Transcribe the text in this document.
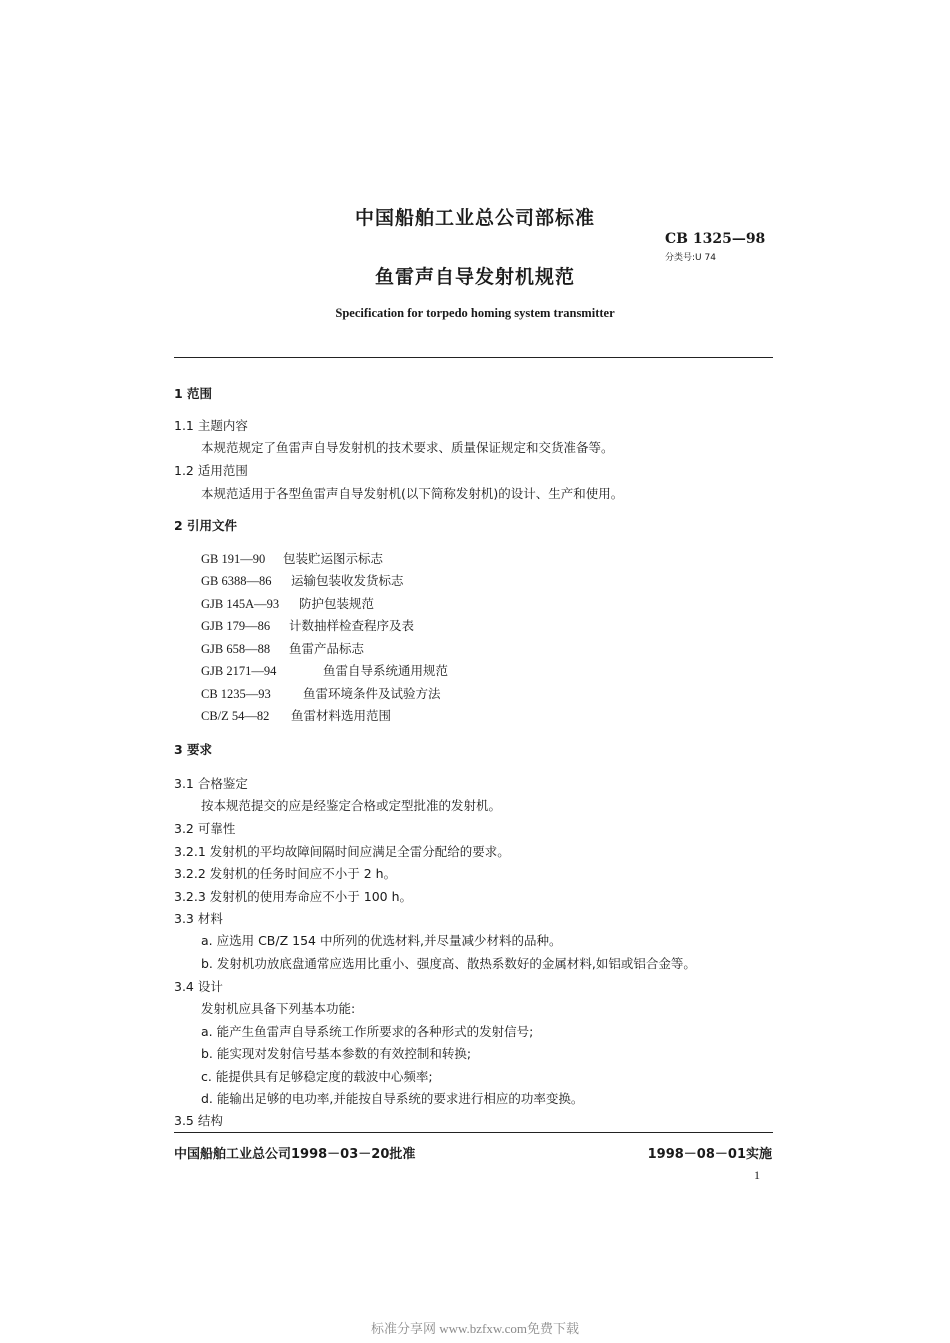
中国船舶工业总公司部标准
CB 1325—98
分类号:U 74
鱼雷声自导发射机规范
Specification for torpedo homing system transmitter
1 范围
1.1 主题内容
本规范规定了鱼雷声自导发射机的技术要求、质量保证规定和交货准备等。
1.2 适用范围
本规范适用于各型鱼雷声自导发射机(以下简称发射机)的设计、生产和使用。
2 引用文件
GB 191—90 包装贮运图示标志
GB 6388—86 运输包装收发货标志
GJB 145A—93 防护包装规范
GJB 179—86 计数抽样检查程序及表
GJB 658—88 鱼雷产品标志
GJB 2171—94	鱼雷自导系统通用规范
CB 1235—93	鱼雷环境条件及试验方法
CB/Z 54—82 鱼雷材料选用范围
3 要求
3.1 合格鉴定
按本规范提交的应是经鉴定合格或定型批准的发射机。
3.2 可靠性
3.2.1 发射机的平均故障间隔时间应满足全雷分配给的要求。
3.2.2 发射机的任务时间应不小于 2 h。
3.2.3 发射机的使用寿命应不小于 100 h。
3.3 材料
a. 应选用 CB/Z 154 中所列的优选材料,并尽量减少材料的品种。
b. 发射机功放底盘通常应选用比重小、强度高、散热系数好的金属材料,如铝或铝合金等。
3.4 设计
发射机应具备下列基本功能:
a. 能产生鱼雷声自导系统工作所要求的各种形式的发射信号;
b. 能实现对发射信号基本参数的有效控制和转换;
c. 能提供具有足够稳定度的载波中心频率;
d. 能输出足够的电功率,并能按自导系统的要求进行相应的功率变换。
3.5 结构
中国船舶工业总公司1998－03－20批准	1998－08－01实施
1
标准分享网 www.bzfxw.com免费下载
